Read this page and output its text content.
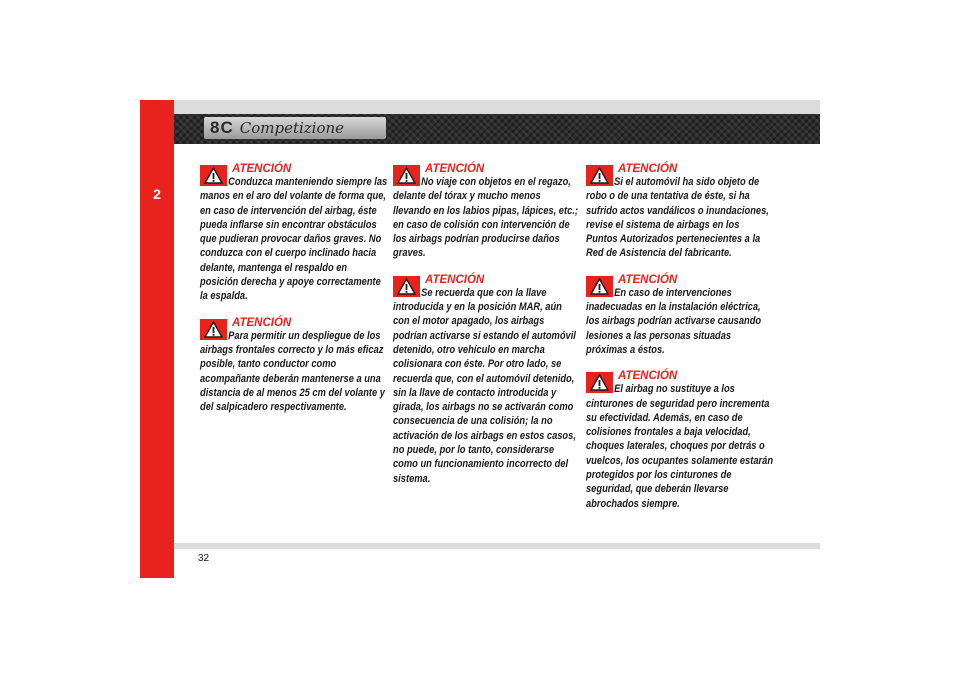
2
8C Competizione
ATENCIÓN
Conduzca manteniendo siempre las manos en el aro del volante de forma que, en caso de intervención del airbag, éste pueda inflarse sin encontrar obstáculos que pudieran provocar daños graves. No conduzca con el cuerpo inclinado hacia delante, mantenga el respaldo en posición derecha y apoye correctamente la espalda.
ATENCIÓN
Para permitir un despliegue de los airbags frontales correcto y lo más eficaz posible, tanto conductor como acompañante deberán mantenerse a una distancia de al menos 25 cm del volante y del salpicadero respectivamente.
ATENCIÓN
No viaje con objetos en el regazo, delante del tórax y mucho menos llevando en los labios pipas, lápices, etc.; en caso de colisión con intervención de los airbags podrían producirse daños graves.
ATENCIÓN
Se recuerda que con la llave introducida y en la posición MAR, aún con el motor apagado, los airbags podrían activarse si estando el automóvil detenido, otro vehículo en marcha colisionara con éste. Por otro lado, se recuerda que, con el automóvil detenido, sin la llave de contacto introducida y girada, los airbags no se activarán como consecuencia de una colisión; la no activación de los airbags en estos casos, no puede, por lo tanto, considerarse como un funcionamiento incorrecto del sistema.
ATENCIÓN
Si el automóvil ha sido objeto de robo o de una tentativa de éste, si ha sufrido actos vandálicos o inundaciones, revise el sistema de airbags en los Puntos Autorizados pertenecientes a la Red de Asistencia del fabricante.
ATENCIÓN
En caso de intervenciones inadecuadas en la instalación eléctrica, los airbags podrían activarse causando lesiones a las personas situadas próximas a éstos.
ATENCIÓN
El airbag no sustituye a los cinturones de seguridad pero incrementa su efectividad. Además, en caso de colisiones frontales a baja velocidad, choques laterales, choques por detrás o vuelcos, los ocupantes solamente estarán protegidos por los cinturones de seguridad, que deberán llevarse abrochados siempre.
32
